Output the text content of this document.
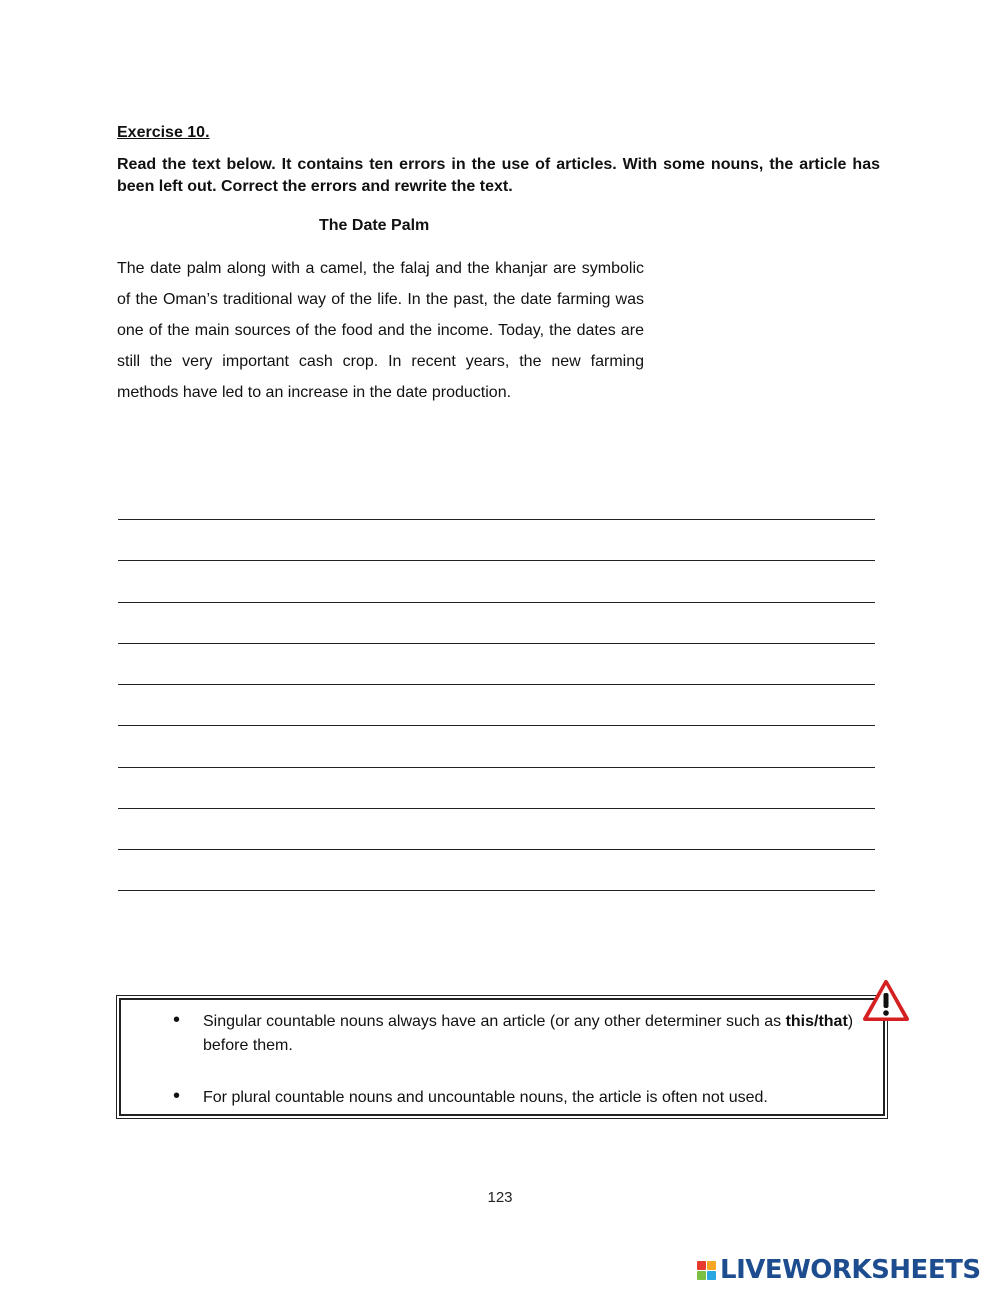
Exercise 10.

Read the text below. It contains ten errors in the use of articles. With some nouns, the article has been left out. Correct the errors and rewrite the text.

The Date Palm

The date palm along with a camel, the falaj and the khanjar are symbolic of the Oman’s traditional way of the life. In the past, the date farming was one of the main sources of the food and the income. Today, the dates are still the very important cash crop. In recent years, the new farming methods have led to an increase in the date production.

• Singular countable nouns always have an article (or any other determiner such as this/that) before them.
• For plural countable nouns and uncountable nouns, the article is often not used.
123
LIVEWORKSHEETS
